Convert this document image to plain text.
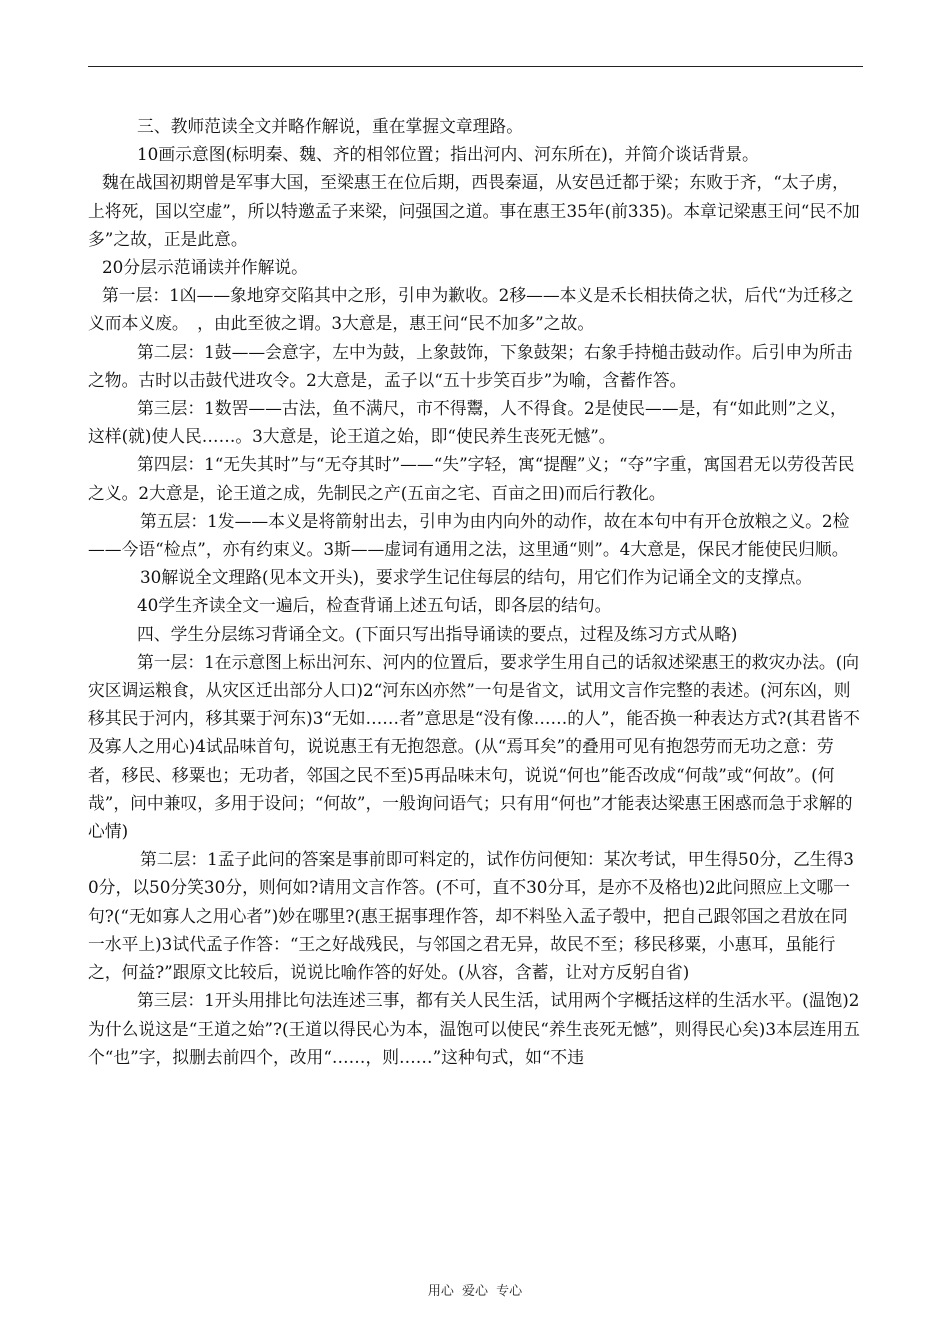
三、教师范读全文并略作解说，重在掌握文章理路。

10画示意图(标明秦、魏、齐的相邻位置；指出河内、河东所在)，并简介谈话背景。

魏在战国初期曾是军事大国，至梁惠王在位后期，西畏秦逼，从安邑迁都于梁；东败于齐，“太子虏，上将死，国以空虚”，所以特邀孟子来梁，问强国之道。事在惠王35年(前335)。本章记梁惠王问“民不加多”之故，正是此意。

20分层示范诵读并作解说。

第一层：1凶——象地穿交陷其中之形，引申为歉收。2移——本义是禾长相扶倚之状，后代“为迁移之义而本义废。　，由此至彼之谓。3大意是，惠王问“民不加多”之故。

第二层：1鼓——会意字，左中为鼓，上象鼓饰，下象鼓架；右象手持槌击鼓动作。后引申为所击之物。古时以击鼓代进攻令。2大意是，孟子以“五十步笑百步”为喻，含蓄作答。

第三层：1数罟——古法，鱼不满尺，市不得鬻，人不得食。2是使民——是，有“如此则”之义，这样(就)使人民……。3大意是，论王道之始，即“使民养生丧死无憾”。

第四层：1“无失其时”与“无夺其时”——“失”字轻，寓“提醒”义；“夺”字重，寓国君无以劳役苦民之义。2大意是，论王道之成，先制民之产(五亩之宅、百亩之田)而后行教化。

第五层：1发——本义是将箭射出去，引申为由内向外的动作，故在本句中有开仓放粮之义。2检——今语“检点”，亦有约束义。3斯——虚词有通用之法，这里通“则”。4大意是，保民才能使民归顺。

30解说全文理路(见本文开头)，要求学生记住每层的结句，用它们作为记诵全文的支撑点。

40学生齐读全文一遍后，检查背诵上述五句话，即各层的结句。

四、学生分层练习背诵全文。(下面只写出指导诵读的要点，过程及练习方式从略)

第一层：1在示意图上标出河东、河内的位置后，要求学生用自己的话叙述梁惠王的救灾办法。(向灾区调运粮食，从灾区迁出部分人口)2“河东凶亦然”一句是省文，试用文言作完整的表述。(河东凶，则移其民于河内，移其粟于河东)3“无如……者”意思是“没有像……的人”，能否换一种表达方式?(其君皆不及寡人之用心)4试品味首句，说说惠王有无抱怨意。(从“焉耳矣”的叠用可见有抱怨劳而无功之意：劳者，移民、移粟也；无功者，邻国之民不至)5再品味末句，说说“何也”能否改成“何哉”或“何故”。(何哉”，问中兼叹，多用于设问；“何故”，一般询问语气；只有用“何也”才能表达梁惠王困惑而急于求解的心情)

第二层：1孟子此问的答案是事前即可料定的，试作仿问便知：某次考试，甲生得50分，乙生得30分，以50分笑30分，则何如?请用文言作答。(不可，直不30分耳，是亦不及格也)2此问照应上文哪一句?(“无如寡人之用心者”)妙在哪里?(惠王据事理作答，却不料坠入孟子彀中，把自己跟邻国之君放在同一水平上)3试代孟子作答：“王之好战残民，与邻国之君无异，故民不至；移民移粟，小惠耳，虽能行之，何益?”跟原文比较后，说说比喻作答的好处。(从容，含蓄，让对方反躬自省)

第三层：1开头用排比句法连述三事，都有关人民生活，试用两个字概括这样的生活水平。(温饱)2为什么说这是“王道之始”?(王道以得民心为本，温饱可以使民“养生丧死无憾”，则得民心矣)3本层连用五个“也”字，拟删去前四个，改用“……，则……”这种句式，如“不违

用心 爱心 专心
